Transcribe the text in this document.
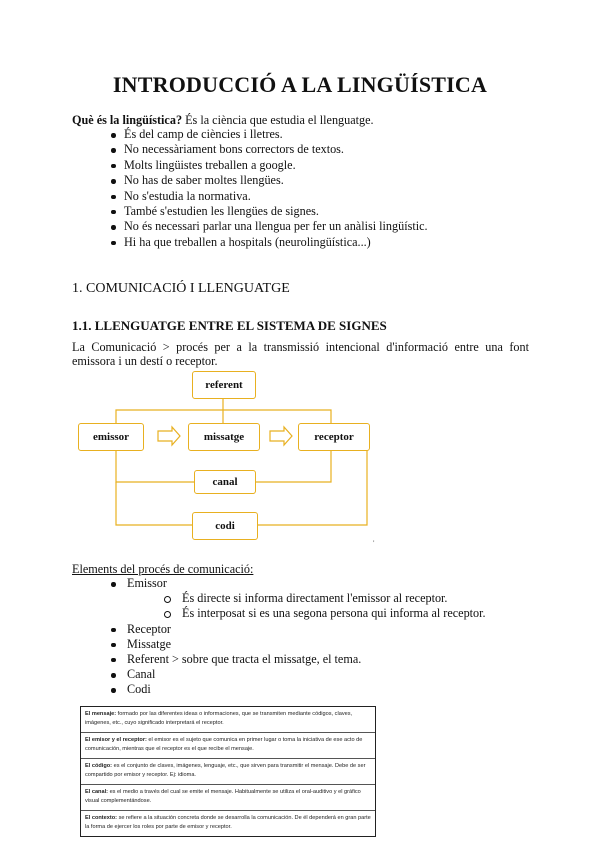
INTRODUCCIÓ A LA LINGÜÍSTICA
Què és la lingüística? És la ciència que estudia el llenguatge.
És del camp de ciències i lletres.
No necessàriament bons correctors de textos.
Molts lingüistes treballen a google.
No has de saber moltes llengües.
No s'estudia la normativa.
També s'estudien les llengües de signes.
No és necessari parlar una llengua per fer un anàlisi lingüístic.
Hi ha que treballen a hospitals (neurolingüística...)
1. COMUNICACIÓ I LLENGUATGE
1.1. LLENGUATGE ENTRE EL SISTEMA DE SIGNES
La Comunicació > procés per a la transmissió intencional d'informació entre una font
emissora i un destí o receptor.
referent
emissor	missatge	receptor
canal
codi
,
Elements del procés de comunicació:
Emissor
És directe si informa directament l'emissor al receptor.
És interposat si es una segona persona qui informa al receptor.
Receptor
Missatge
Referent > sobre que tracta el missatge, el tema.
Canal
Codi
El mensaje: formado por las diferentes ideas o informaciones, que se transmiten mediante códigos, claves, imágenes, etc., cuyo significado interpretará el receptor.
El emisor y el receptor: el emisor es el sujeto que comunica en primer lugar o toma la iniciativa de ese acto de comunicación, mientras que el receptor es el que recibe el mensaje.
El código: es el conjunto de claves, imágenes, lenguaje, etc., que sirven para transmitir el mensaje. Debe de ser compartido por emisor y receptor. Ej: idioma.
El canal: es el medio a través del cual se emite el mensaje. Habitualmente se utiliza el oral-auditivo y el gráfico visual complementándose.
El contexto: se refiere a la situación concreta donde se desarrolla la comunicación. De él dependerá en gran parte la forma de ejercer los roles por parte de emisor y receptor.
